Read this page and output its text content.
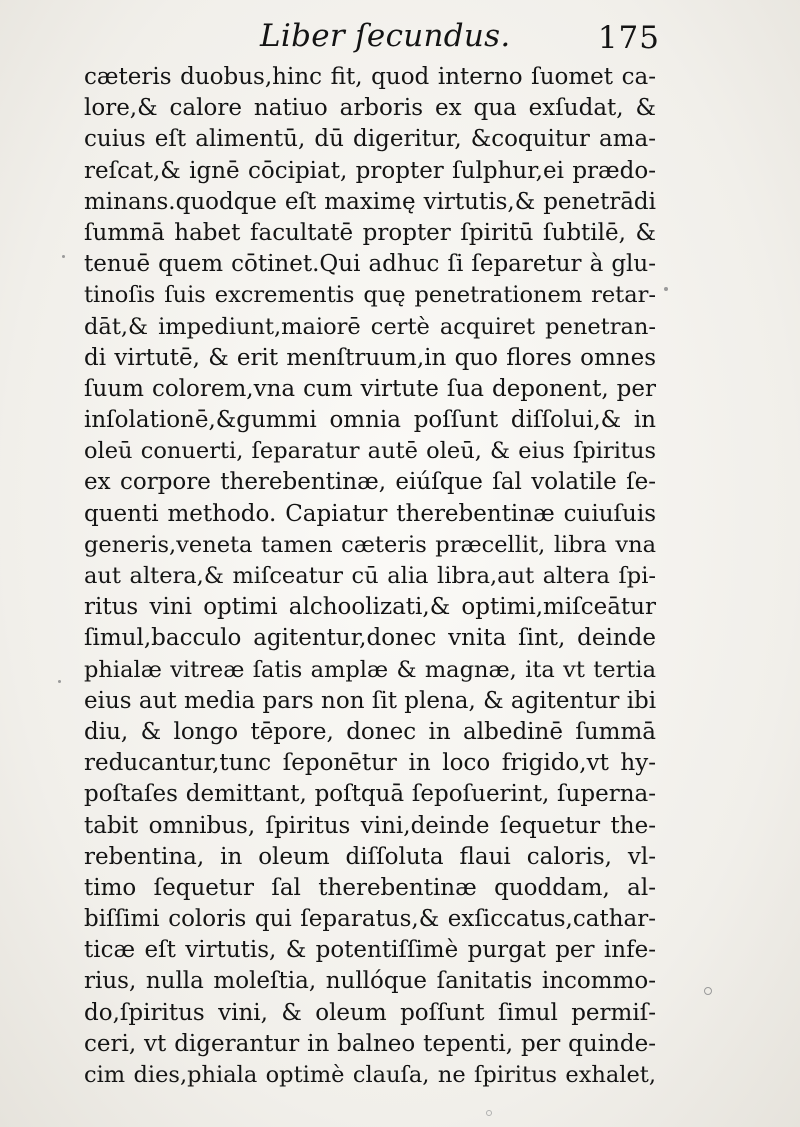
Liber ſecundus.	175
cæteris duobus,hinc fit, quod interno ſuomet ca-
lore,& calore natiuo arboris ex qua exſudat, &
cuius eſt alimentū, dū digeritur, &coquitur ama-
reſcat,& ignē cōcipiat, propter ſulphur,ei prædo-
minans.quodque eſt maximę virtutis,& penetrādi
ſummā habet facultatē propter ſpiritū ſubtilē, &
tenuē quem cōtinet.Qui adhuc ſi ſeparetur à glu-
tinoſis ſuis excrementis quę penetrationem retar-
dāt,& impediunt,maiorē certè acquiret penetran-
di virtutē, & erit menſtruum,in quo flores omnes
ſuum colorem,vna cum virtute ſua deponent, per
inſolationē,&gummi omnia poſſunt diſſolui,& in
oleū conuerti, ſeparatur autē oleū, & eius ſpiritus
ex corpore therebentinæ, eiúſque ſal volatile ſe-
quenti methodo. Capiatur therebentinæ cuiuſuis
generis,veneta tamen cæteris præcellit, libra vna
aut altera,& miſceatur cū alia libra,aut altera ſpi-
ritus vini optimi alchoolizati,& optimi,miſceātur
ſimul,bacculo agitentur,donec vnita ſint, deinde
phialæ vitreæ ſatis amplæ & magnæ, ita vt tertia
eius aut media pars non ſit plena, & agitentur ibi
diu, & longo tēpore, donec in albedinē ſummā
reducantur,tunc ſeponētur in loco frigido,vt hy-
poſtaſes demittant, poſtquā ſepoſuerint, ſuperna-
tabit omnibus, ſpiritus vini,deinde ſequetur the-
rebentina, in oleum diſſoluta flaui caloris, vl-
timo ſequetur ſal therebentinæ quoddam, al-
biſſimi coloris qui ſeparatus,& exſiccatus,cathar-
ticæ eſt virtutis, & potentiſſimè purgat per infe-
rius, nulla moleſtia, nullóque ſanitatis incommo-
do,ſpiritus vini, & oleum poſſunt ſimul permiſ-
ceri, vt digerantur in balneo tepenti, per quinde-
cim dies,phiala optimè clauſa, ne ſpiritus exhalet,
